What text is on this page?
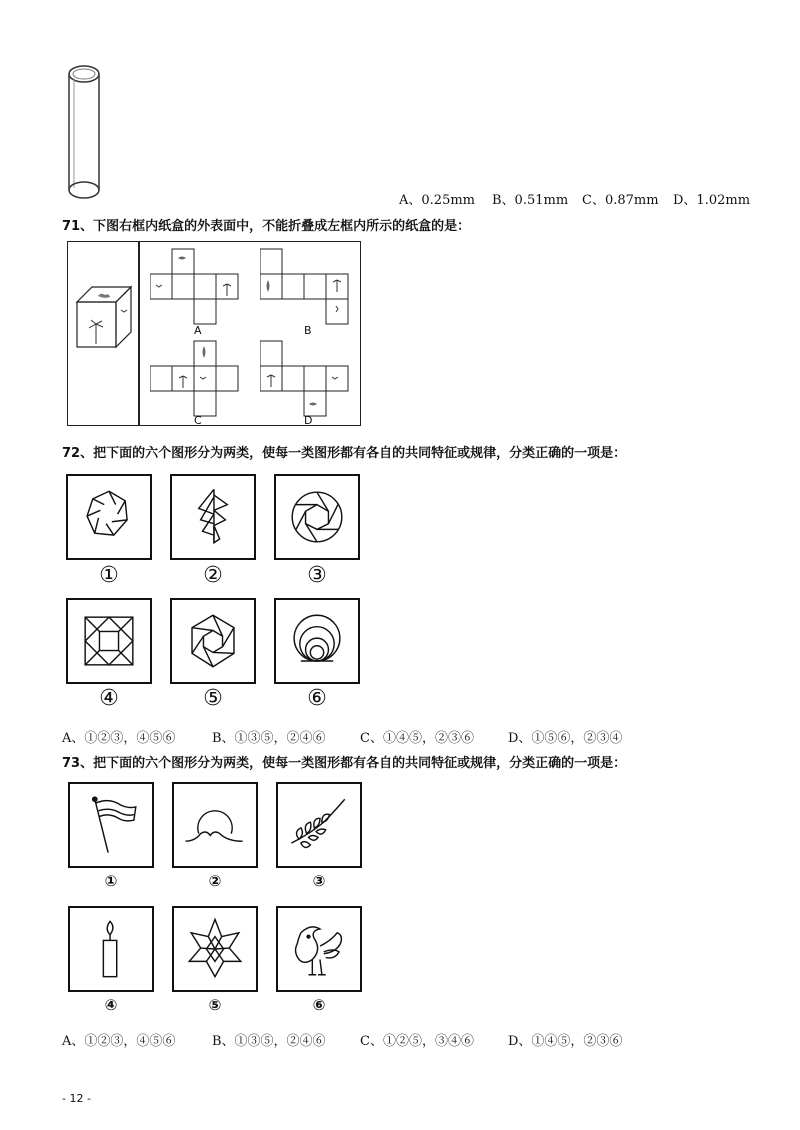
A、0.25mm B、0.51mm C、0.87mm D、1.02mm
71、下图右框内纸盒的外表面中，不能折叠成左框内所示的纸盒的是：
A	B
C	D
72、把下面的六个图形分为两类，使每一类图形都有各自的共同特征或规律，分类正确的一项是：
①	②	③
④	⑤	⑥
A、①②③，④⑤⑥	B、①③⑤，②④⑥	C、①④⑤，②③⑥	D、①⑤⑥，②③④
73、把下面的六个图形分为两类，使每一类图形都有各自的共同特征或规律，分类正确的一项是：
①	②	③
④	⑤	⑥
A、①②③，④⑤⑥	B、①③⑤，②④⑥	C、①②⑤，③④⑥	D、①④⑤，②③⑥
- 12 -
